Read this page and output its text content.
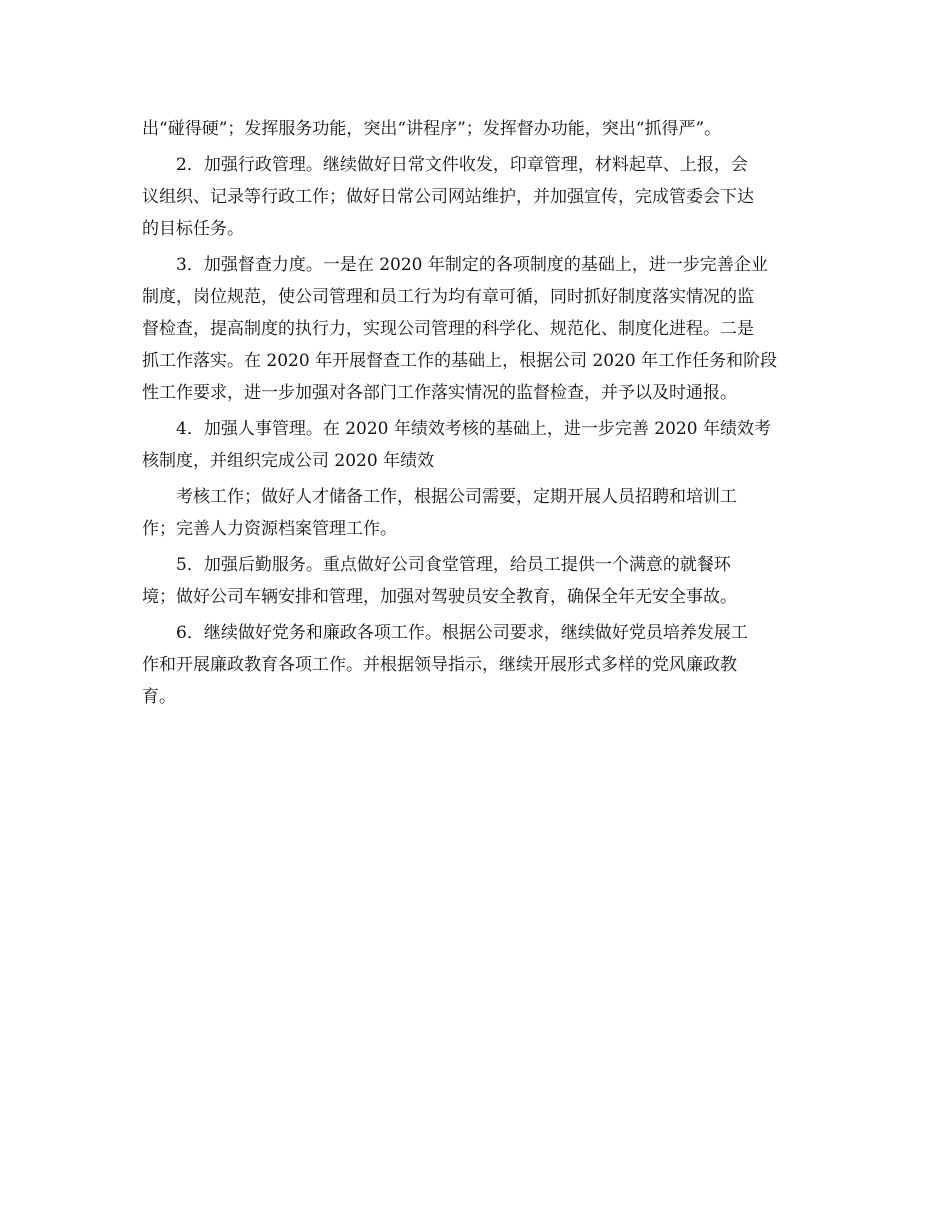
出“碰得硬”；发挥服务功能，突出“讲程序”；发挥督办功能，突出“抓得严”。
2．加强行政管理。继续做好日常文件收发，印章管理，材料起草、上报，会
议组织、记录等行政工作；做好日常公司网站维护，并加强宣传，完成管委会下达
的目标任务。
3．加强督查力度。一是在 2020 年制定的各项制度的基础上，进一步完善企业
制度，岗位规范，使公司管理和员工行为均有章可循，同时抓好制度落实情况的监
督检查，提高制度的执行力，实现公司管理的科学化、规范化、制度化进程。二是
抓工作落实。在 2020 年开展督查工作的基础上，根据公司 2020 年工作任务和阶段
性工作要求，进一步加强对各部门工作落实情况的监督检查，并予以及时通报。
4．加强人事管理。在 2020 年绩效考核的基础上，进一步完善 2020 年绩效考
核制度，并组织完成公司 2020 年绩效
考核工作；做好人才储备工作，根据公司需要，定期开展人员招聘和培训工
作；完善人力资源档案管理工作。
5．加强后勤服务。重点做好公司食堂管理，给员工提供一个满意的就餐环
境；做好公司车辆安排和管理，加强对驾驶员安全教育，确保全年无安全事故。
6．继续做好党务和廉政各项工作。根据公司要求，继续做好党员培养发展工
作和开展廉政教育各项工作。并根据领导指示，继续开展形式多样的党风廉政教
育。
